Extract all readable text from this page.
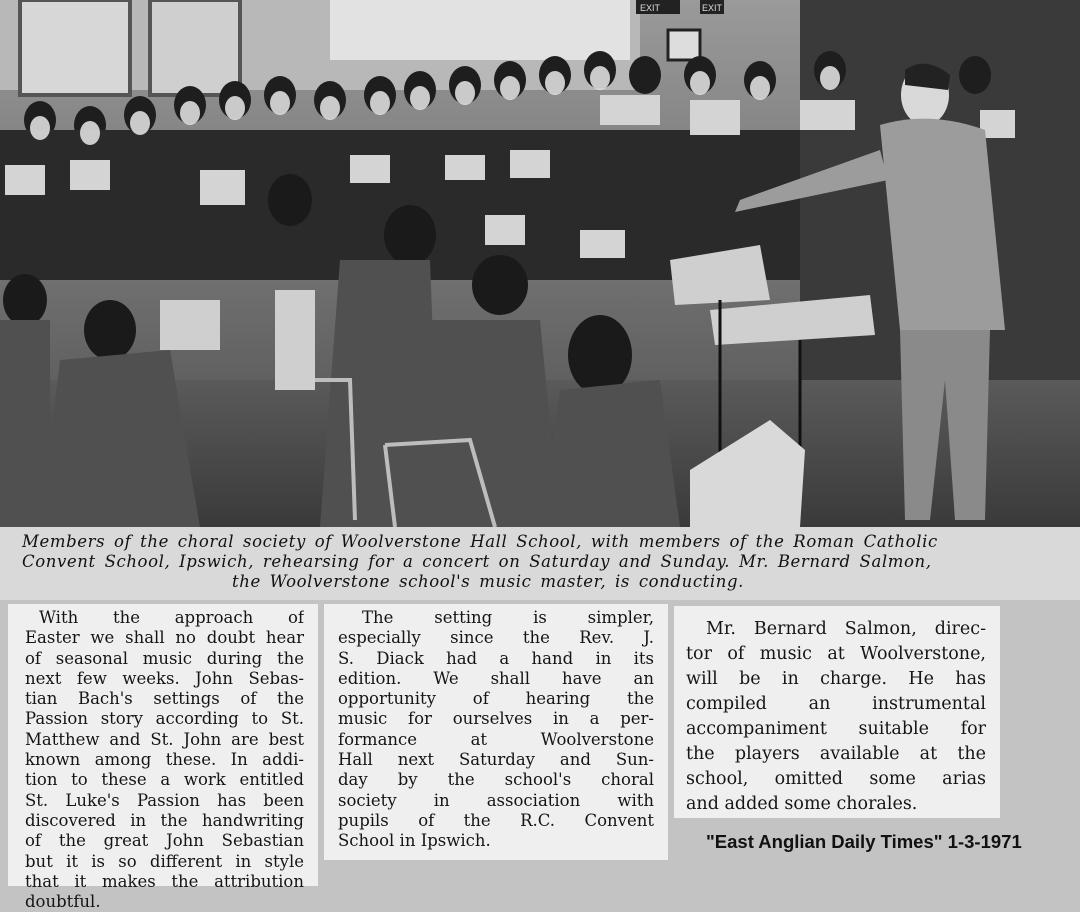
EXIT	EXIT
Members of the choral society of Woolverstone Hall School, with members of the Roman Catholic
Convent School, Ipswich, rehearsing for a concert on Saturday and Sunday. Mr. Bernard Salmon,
the Woolverstone school's music master, is conducting.
With the approach of
Easter we shall no doubt hear
of seasonal music during the
next few weeks. John Sebas-
tian Bach's settings of the
Passion story according to St.
Matthew and St. John are best
known among these. In addi-
tion to these a work entitled
St. Luke's Passion has been
discovered in the handwriting
of the great John Sebastian
but it is so different in style
that it makes the attribution
doubtful.
The setting is simpler,
especially since the Rev. J.
S. Diack had a hand in its
edition. We shall have an
opportunity of hearing the
music for ourselves in a per-
formance at Woolverstone
Hall next Saturday and Sun-
day by the school's choral
society in association with
pupils of the R.C. Convent
School in Ipswich.
Mr. Bernard Salmon, direc-
tor of music at Woolverstone,
will be in charge. He has
compiled an instrumental
accompaniment suitable for
the players available at the
school, omitted some arias
and added some chorales.
"East Anglian Daily Times" 1-3-1971
